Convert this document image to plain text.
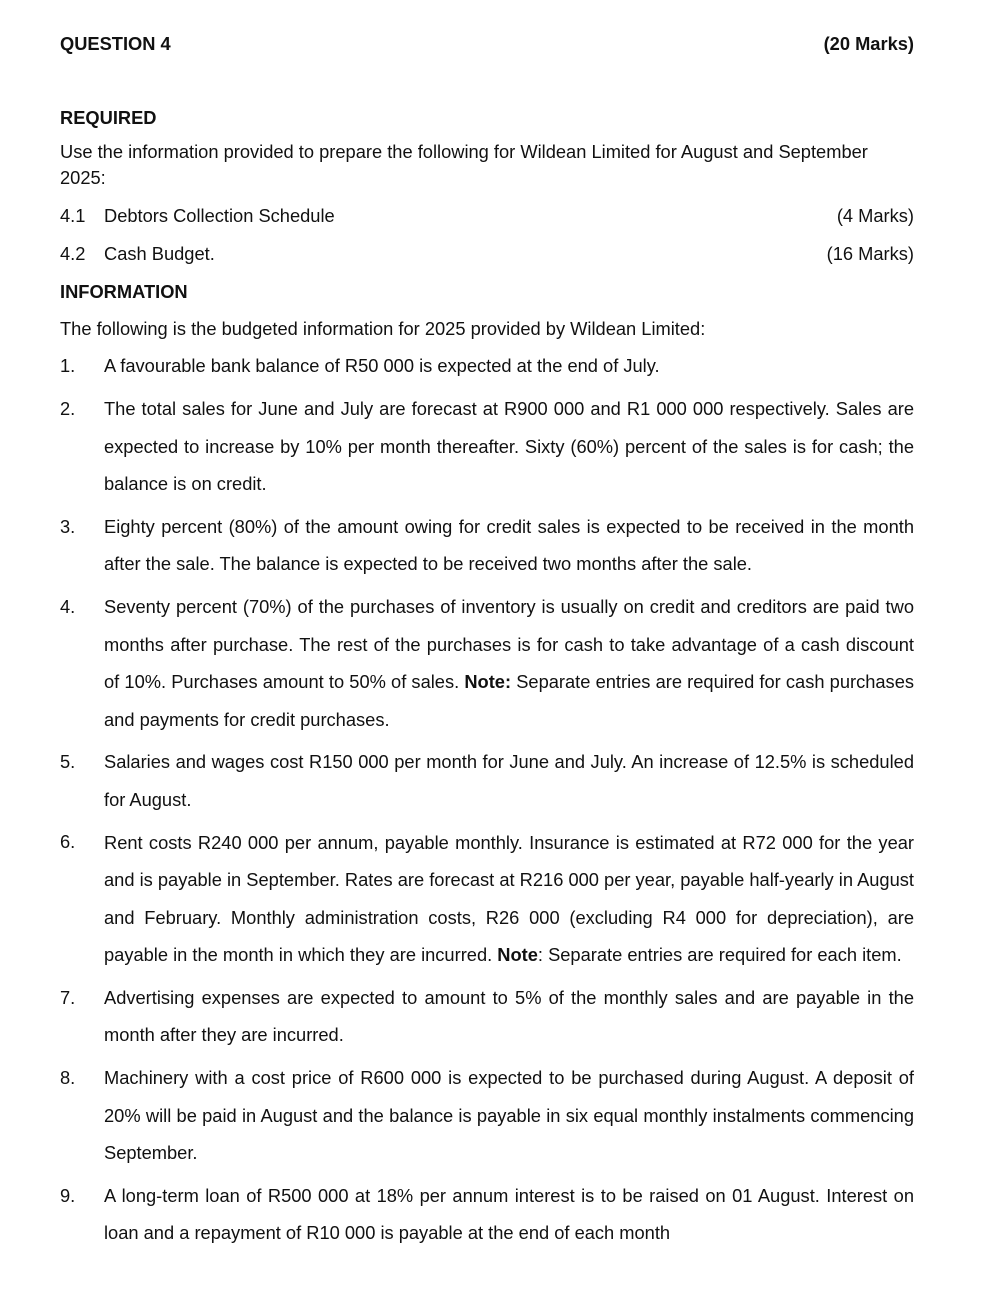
QUESTION 4	(20 Marks)
REQUIRED
Use the information provided to prepare the following for Wildean Limited for August and September 2025:
4.1	Debtors Collection Schedule	(4 Marks)
4.2	Cash Budget.	(16 Marks)
INFORMATION
The following is the budgeted information for 2025 provided by Wildean Limited:
1.	A favourable bank balance of R50 000 is expected at the end of July.
2.	The total sales for June and July are forecast at R900 000 and R1 000 000 respectively. Sales are expected to increase by 10% per month thereafter. Sixty (60%) percent of the sales is for cash; the balance is on credit.
3.	Eighty percent (80%) of the amount owing for credit sales is expected to be received in the month after the sale. The balance is expected to be received two months after the sale.
4.	Seventy percent (70%) of the purchases of inventory is usually on credit and creditors are paid two months after purchase. The rest of the purchases is for cash to take advantage of a cash discount of 10%. Purchases amount to 50% of sales. Note: Separate entries are required for cash purchases and payments for credit purchases.
5.	Salaries and wages cost R150 000 per month for June and July. An increase of 12.5% is scheduled for August.
6.	Rent costs R240 000 per annum, payable monthly. Insurance is estimated at R72 000 for the year and is payable in September. Rates are forecast at R216 000 per year, payable half-yearly in August and February. Monthly administration costs, R26 000 (excluding R4 000 for depreciation), are payable in the month in which they are incurred. Note: Separate entries are required for each item.
7.	Advertising expenses are expected to amount to 5% of the monthly sales and are payable in the month after they are incurred.
8.	Machinery with a cost price of R600 000 is expected to be purchased during August. A deposit of 20% will be paid in August and the balance is payable in six equal monthly instalments commencing September.
9.	A long-term loan of R500 000 at 18% per annum interest is to be raised on 01 August. Interest on loan and a repayment of R10 000 is payable at the end of each month
